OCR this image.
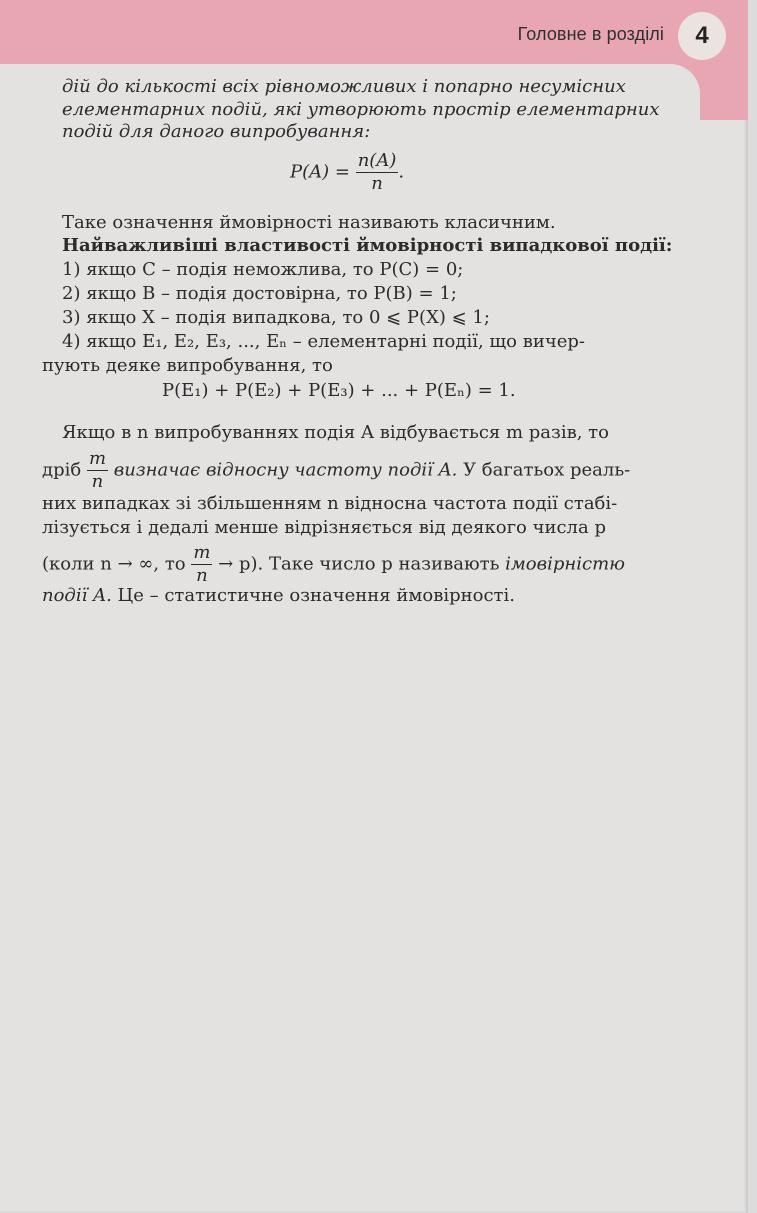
Головне в розділі	4
дій до кількості всіх рівноможливих і попарно несумісних
елементарних подій, які утворюють простір елементарних
подій для даного випробування:
$P(A) = \frac{n(A)}{n}$ .
Таке означення ймовірності називають класичним.
Найважливіші властивості ймовірності випадкової події:
1) якщо C – подія неможлива, то P(C) = 0;
2) якщо B – подія достовірна, то P(B) = 1;
3) якщо X – подія випадкова, то 0 ⩽ P(X) ⩽ 1;
4) якщо E₁, E₂, E₃, ..., Eₙ – елементарні події, що вичер-
пують деяке випробування, то
P(E₁) + P(E₂) + P(E₃) + ... + P(Eₙ) = 1.
Якщо в n випробуваннях подія A відбувається m разів, то
дріб $\frac{m}{n}$ визначає відносну частоту події A. У багатьох реаль-
них випадках зі збільшенням n відносна частота події стабі-
лізується і дедалі менше відрізняється від деякого числа p
(коли n → ∞, то $\frac{m}{n} \to p$). Таке число p називають імовірністю
події A. Це – статистичне означення ймовірності.
